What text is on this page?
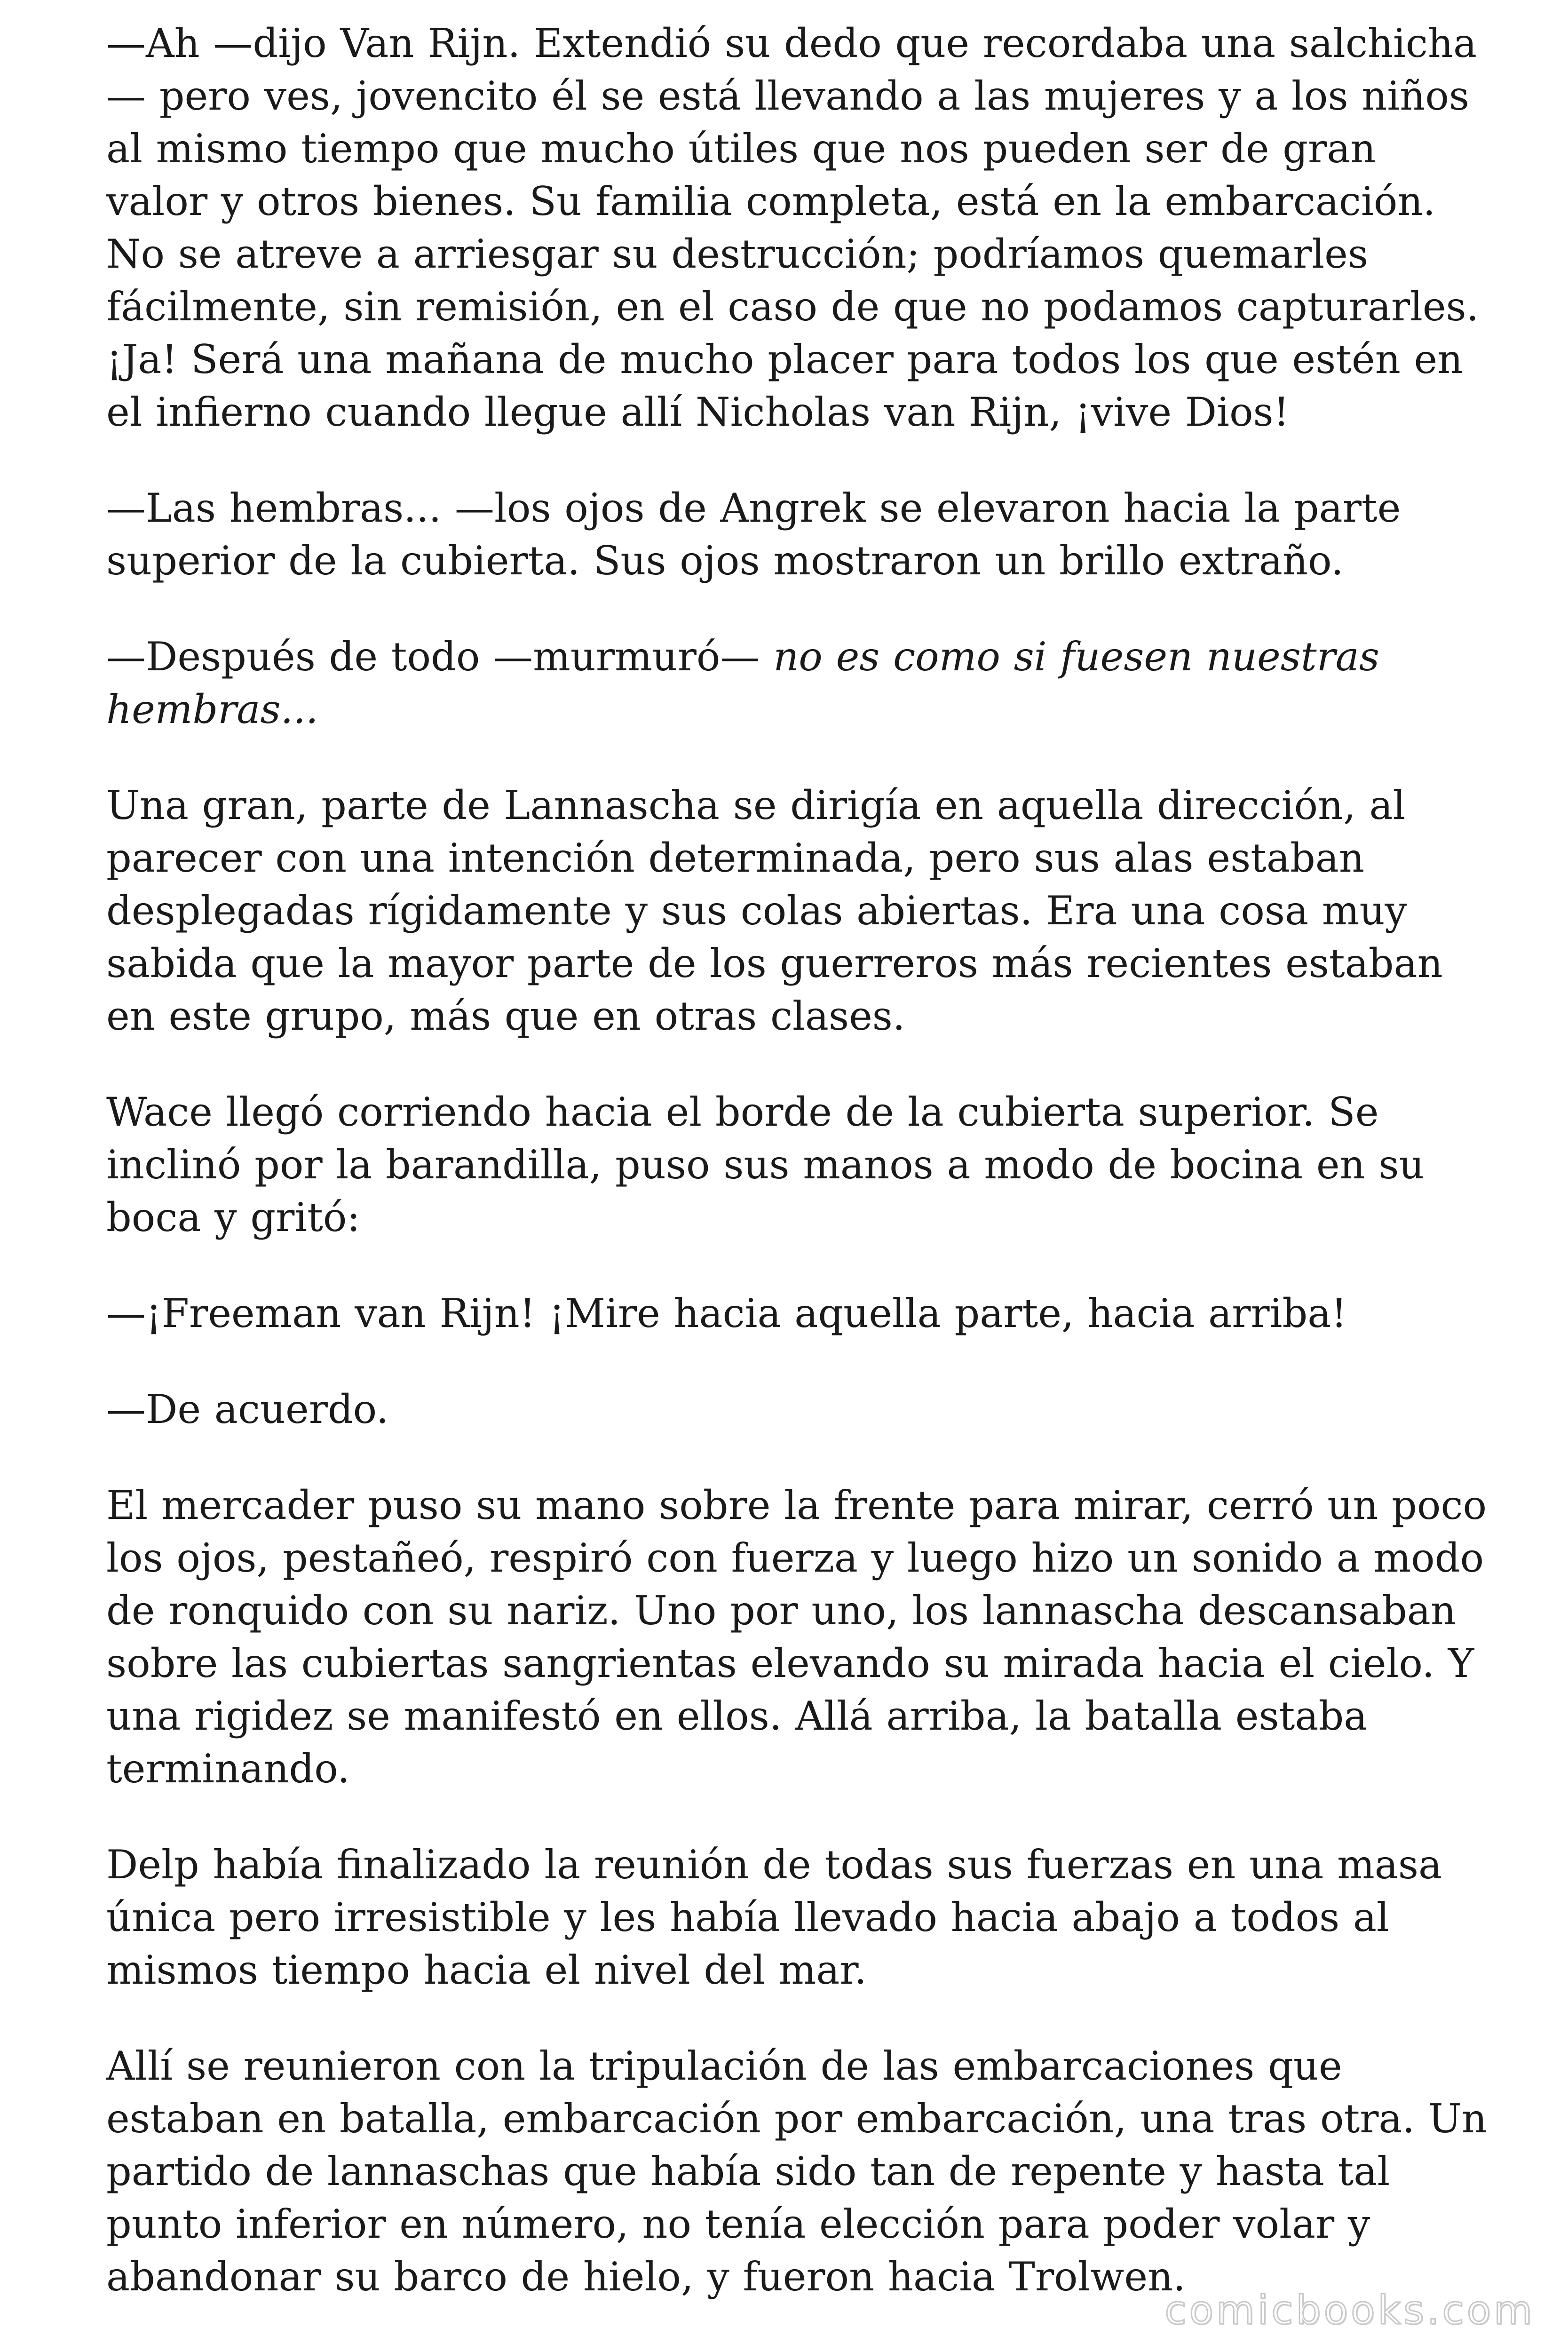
—Ah —dijo Van Rijn. Extendió su dedo que recordaba una salchicha — pero ves, jovencito él se está llevando a las mujeres y a los niños al mismo tiempo que mucho útiles que nos pueden ser de gran valor y otros bienes. Su familia completa, está en la embarcación. No se atreve a arriesgar su destrucción; podríamos quemarles fácilmente, sin remisión, en el caso de que no podamos capturarles. ¡Ja! Será una mañana de mucho placer para todos los que estén en el infierno cuando llegue allí Nicholas van Rijn, ¡vive Dios!

—Las hembras... —los ojos de Angrek se elevaron hacia la parte superior de la cubierta. Sus ojos mostraron un brillo extraño.

—Después de todo —murmuró— no es como si fuesen nuestras hembras...

Una gran, parte de Lannascha se dirigía en aquella dirección, al parecer con una intención determinada, pero sus alas estaban desplegadas rígidamente y sus colas abiertas. Era una cosa muy sabida que la mayor parte de los guerreros más recientes estaban en este grupo, más que en otras clases.

Wace llegó corriendo hacia el borde de la cubierta superior. Se inclinó por la barandilla, puso sus manos a modo de bocina en su boca y gritó:

—¡Freeman van Rijn! ¡Mire hacia aquella parte, hacia arriba!

—De acuerdo.

El mercader puso su mano sobre la frente para mirar, cerró un poco los ojos, pestañeó, respiró con fuerza y luego hizo un sonido a modo de ronquido con su nariz. Uno por uno, los lannascha descansaban sobre las cubiertas sangrientas elevando su mirada hacia el cielo. Y una rigidez se manifestó en ellos. Allá arriba, la batalla estaba terminando.

Delp había finalizado la reunión de todas sus fuerzas en una masa única pero irresistible y les había llevado hacia abajo a todos al mismos tiempo hacia el nivel del mar.

Allí se reunieron con la tripulación de las embarcaciones que estaban en batalla, embarcación por embarcación, una tras otra. Un partido de lannaschas que había sido tan de repente y hasta tal punto inferior en número, no tenía elección para poder volar y abandonar su barco de hielo, y fueron hacia Trolwen.

comicbooks.com
